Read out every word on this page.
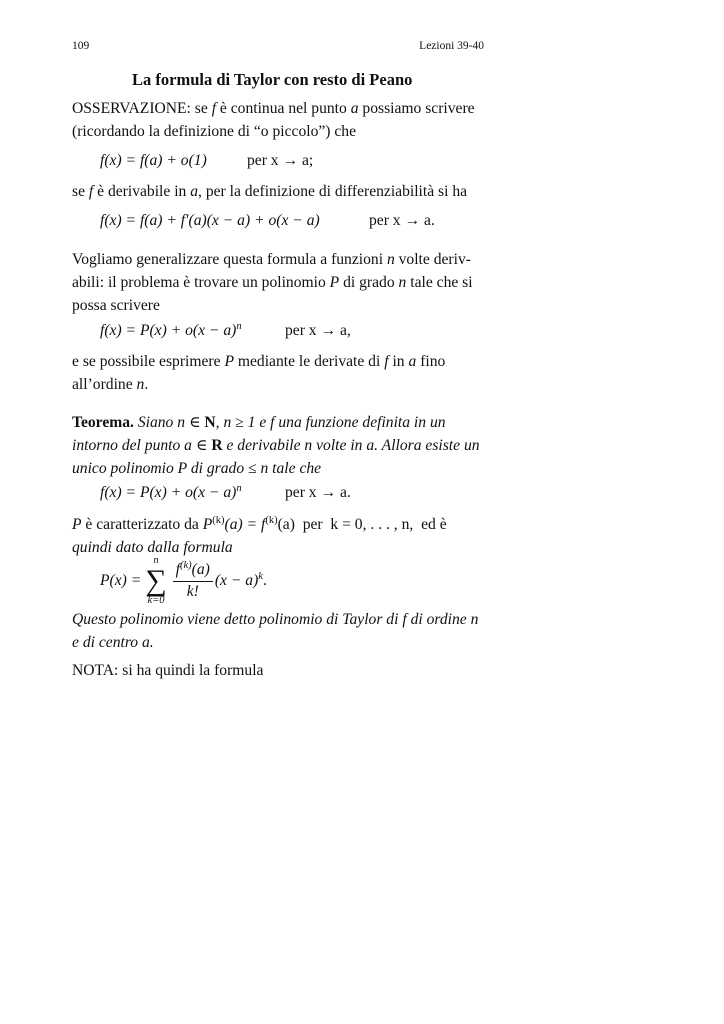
109	Lezioni 39-40
La formula di Taylor con resto di Peano
OSSERVAZIONE: se f è continua nel punto a possiamo scrivere
(ricordando la definizione di “o piccolo”) che
f(x) = f(a) + o(1)	per x → a;
se f è derivabile in a, per la definizione di differenziabilità si ha
f(x) = f(a) + f′(a)(x − a) + o(x − a)	per x → a.
Vogliamo generalizzare questa formula a funzioni n volte deriv-
abili: il problema è trovare un polinomio P di grado n tale che si
possa scrivere
$f(x) = P(x) + o(x - a)^n$	per x → a,
e se possibile esprimere P mediante le derivate di f in a fino
all’ordine n.
Teorema. Siano n ∈ N, n ≥ 1 e f una funzione definita in un
intorno del punto a ∈ R e derivabile n volte in a. Allora esiste un
unico polinomio P di grado ≤ n tale che
$f(x) = P(x) + o(x - a)^n$	per x → a.
P è caratterizzato da $P^{(k)}(a) = f^{(k)}(a)$  per  k = 0, . . . , n,  ed è
quindi dato dalla formula
P(x) =
n
∑
$k=0 \frac{f^{(k)}(a)}{k!} (x - a)^k$.
Questo polinomio viene detto polinomio di Taylor di f di ordine n
e di centro a.
NOTA: si ha quindi la formula
